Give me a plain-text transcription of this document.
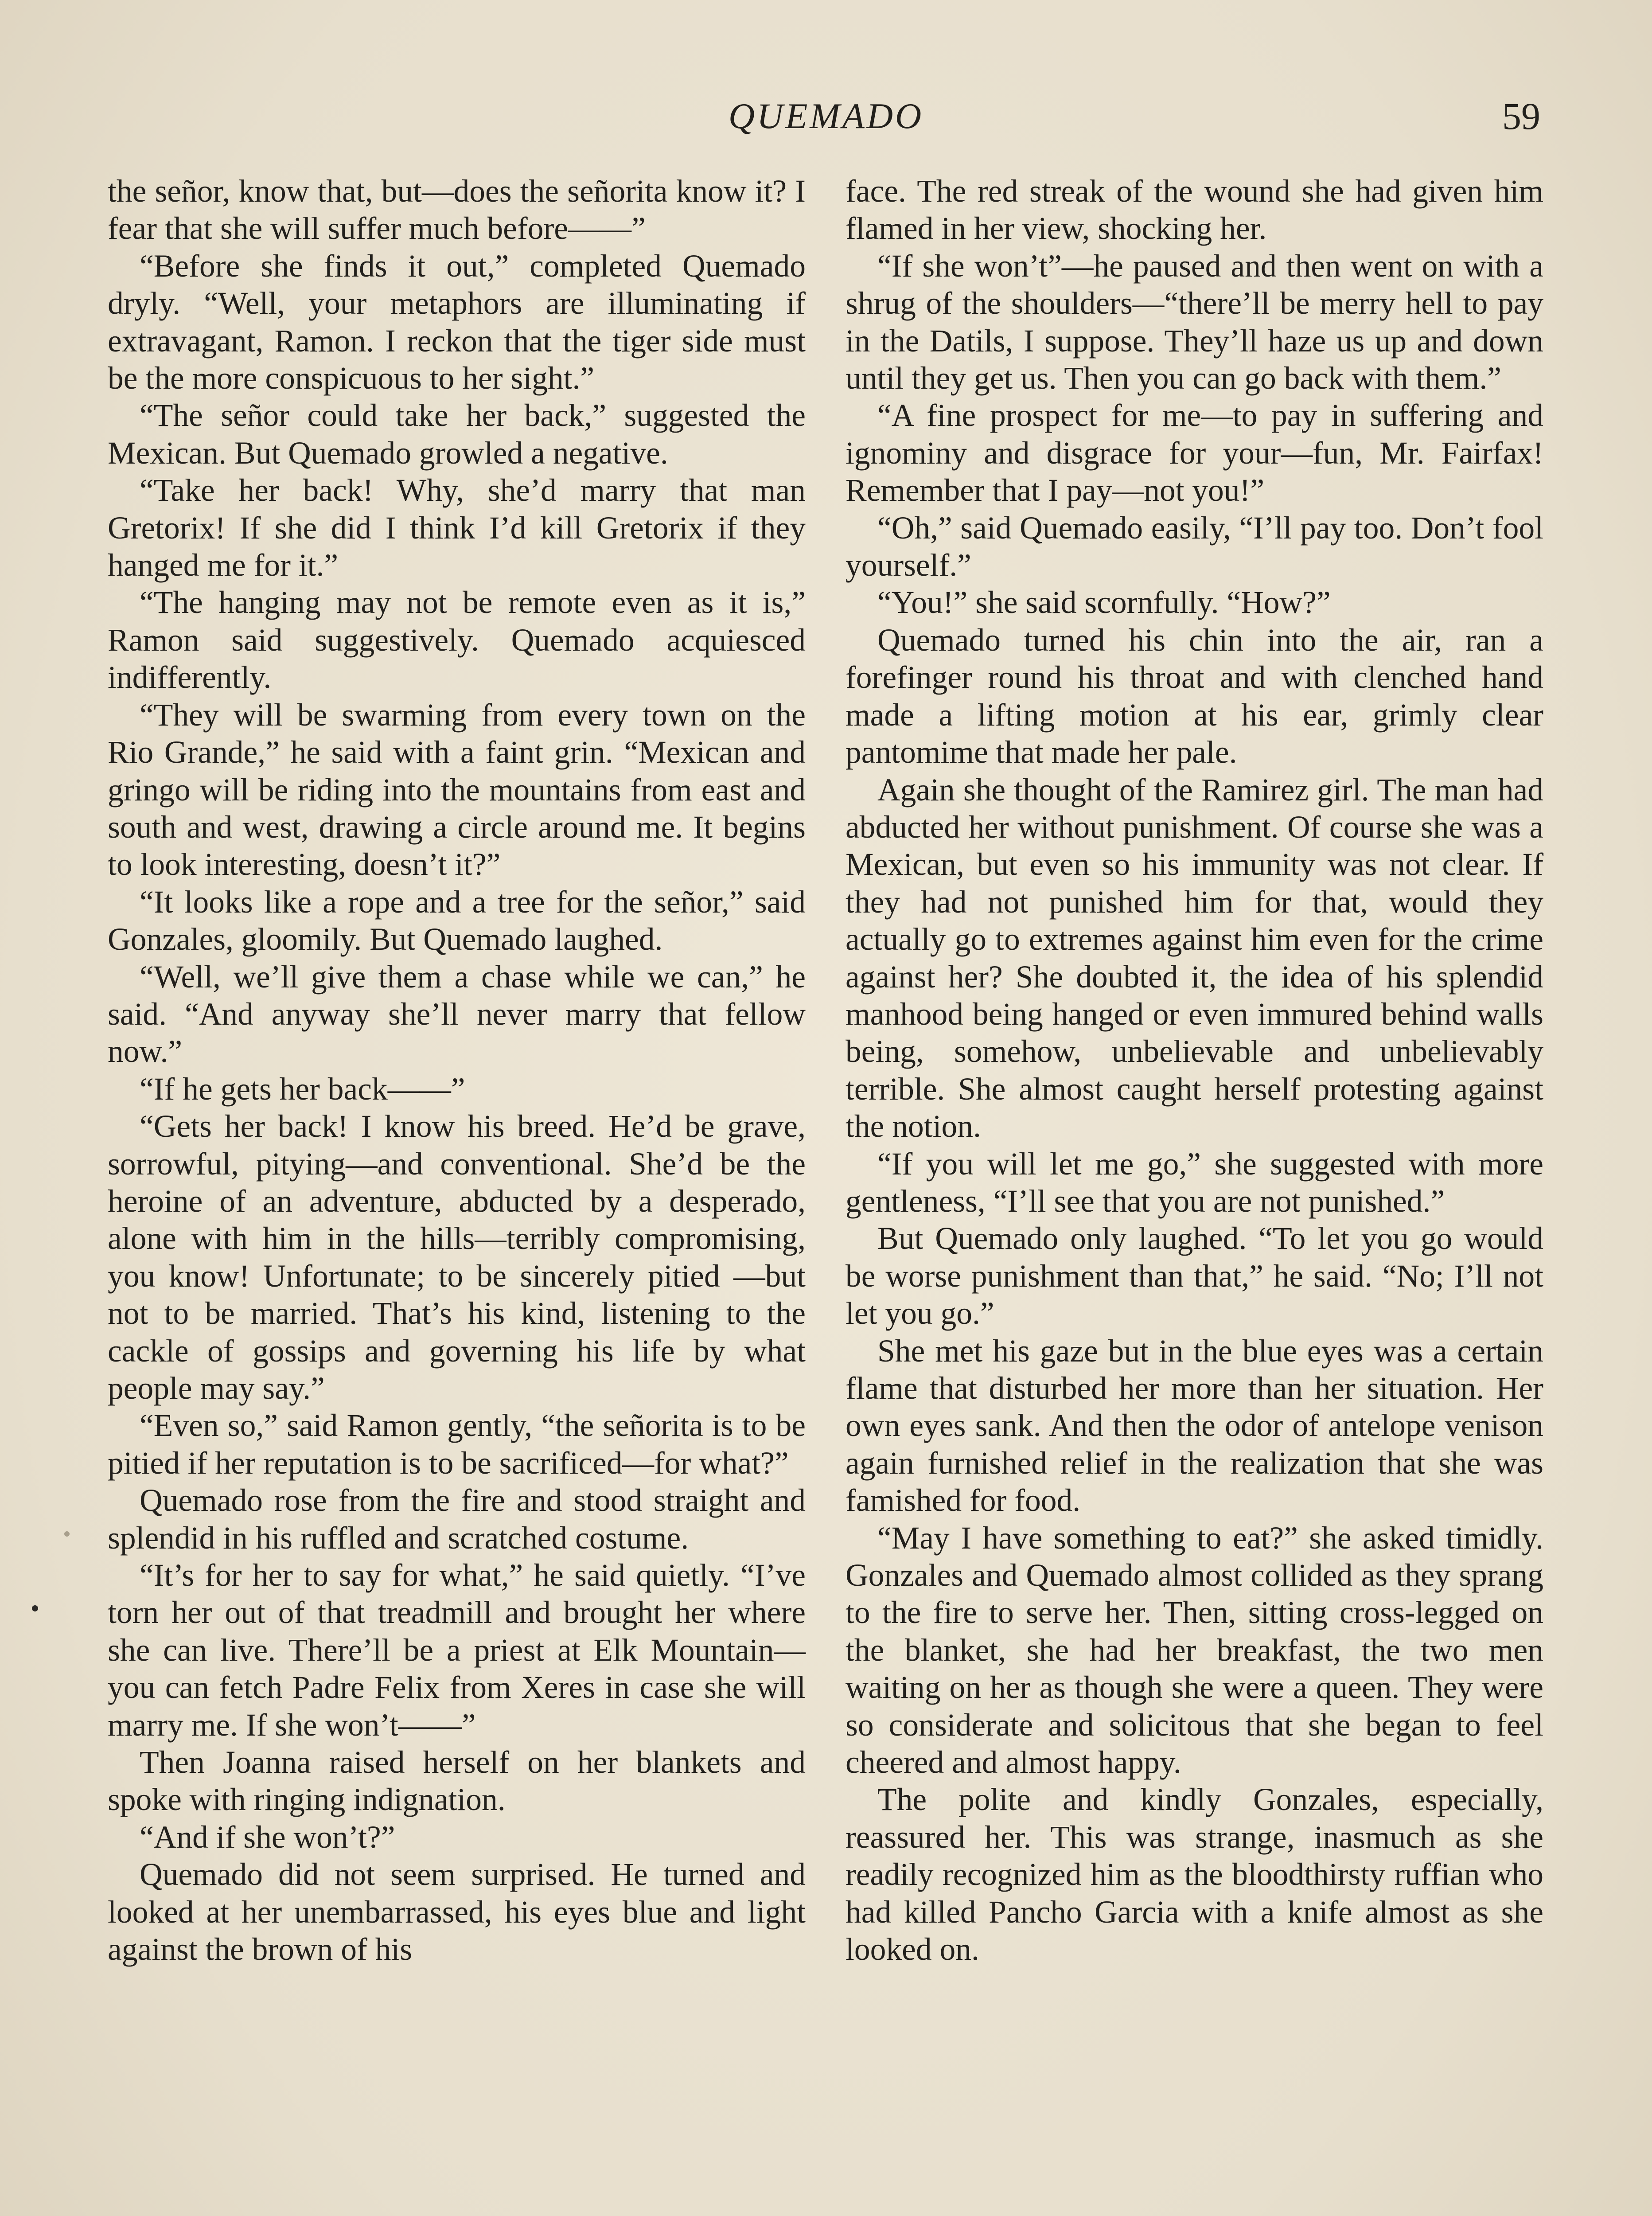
QUEMADO	59

the señor, know that, but—does the señorita know it? I fear that she will suffer much before——”

“Before she finds it out,” completed Quemado dryly. “Well, your metaphors are illuminating if extravagant, Ramon. I reckon that the tiger side must be the more conspicuous to her sight.”

“The señor could take her back,” suggested the Mexican. But Quemado growled a negative.

“Take her back! Why, she’d marry that man Gretorix! If she did I think I’d kill Gretorix if they hanged me for it.”

“The hanging may not be remote even as it is,” Ramon said suggestively. Quemado acquiesced indifferently.

“They will be swarming from every town on the Rio Grande,” he said with a faint grin. “Mexican and gringo will be riding into the mountains from east and south and west, drawing a circle around me. It begins to look interesting, doesn’t it?”

“It looks like a rope and a tree for the señor,” said Gonzales, gloomily. But Quemado laughed.

“Well, we’ll give them a chase while we can,” he said. “And anyway she’ll never marry that fellow now.”

“If he gets her back——”

“Gets her back! I know his breed. He’d be grave, sorrowful, pitying—and conventional. She’d be the heroine of an adventure, abducted by a desperado, alone with him in the hills—terribly compromising, you know! Unfortunate; to be sincerely pitied —but not to be married. That’s his kind, listening to the cackle of gossips and governing his life by what people may say.”

“Even so,” said Ramon gently, “the señorita is to be pitied if her reputation is to be sacrificed—for what?”

Quemado rose from the fire and stood straight and splendid in his ruffled and scratched costume.

“It’s for her to say for what,” he said quietly. “I’ve torn her out of that treadmill and brought her where she can live. There’ll be a priest at Elk Mountain—you can fetch Padre Felix from Xeres in case she will marry me. If she won’t——”

Then Joanna raised herself on her blankets and spoke with ringing indignation.

“And if she won’t?”

Quemado did not seem surprised. He turned and looked at her unembarrassed, his eyes blue and light against the brown of his

face. The red streak of the wound she had given him flamed in her view, shocking her.

“If she won’t”—he paused and then went on with a shrug of the shoulders—“there’ll be merry hell to pay in the Datils, I suppose. They’ll haze us up and down until they get us. Then you can go back with them.”

“A fine prospect for me—to pay in suffering and ignominy and disgrace for your—fun, Mr. Fairfax! Remember that I pay—not you!”

“Oh,” said Quemado easily, “I’ll pay too. Don’t fool yourself.”

“You!” she said scornfully. “How?”

Quemado turned his chin into the air, ran a forefinger round his throat and with clenched hand made a lifting motion at his ear, grimly clear pantomime that made her pale.

Again she thought of the Ramirez girl. The man had abducted her without punishment. Of course she was a Mexican, but even so his immunity was not clear. If they had not punished him for that, would they actually go to extremes against him even for the crime against her? She doubted it, the idea of his splendid manhood being hanged or even immured behind walls being, somehow, unbelievable and unbelievably terrible. She almost caught herself protesting against the notion.

“If you will let me go,” she suggested with more gentleness, “I’ll see that you are not punished.”

But Quemado only laughed. “To let you go would be worse punishment than that,” he said. “No; I’ll not let you go.”

She met his gaze but in the blue eyes was a certain flame that disturbed her more than her situation. Her own eyes sank. And then the odor of antelope venison again furnished relief in the realization that she was famished for food.

“May I have something to eat?” she asked timidly. Gonzales and Quemado almost collided as they sprang to the fire to serve her. Then, sitting cross-legged on the blanket, she had her breakfast, the two men waiting on her as though she were a queen. They were so considerate and solicitous that she began to feel cheered and almost happy.

The polite and kindly Gonzales, especially, reassured her. This was strange, inasmuch as she readily recognized him as the bloodthirsty ruffian who had killed Pancho Garcia with a knife almost as she looked on.
